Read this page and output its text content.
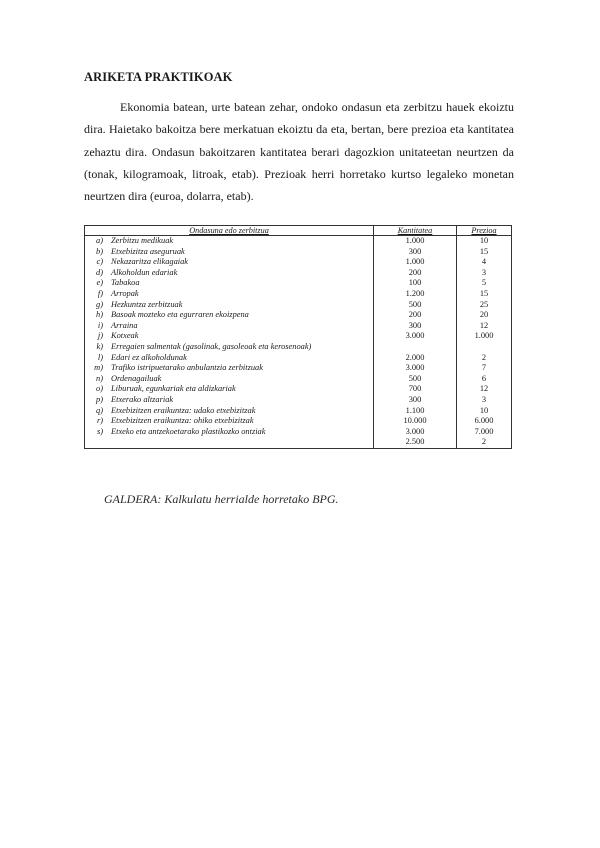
ARIKETA PRAKTIKOAK

Ekonomia batean, urte batean zehar, ondoko ondasun eta zerbitzu hauek ekoiztu dira. Haietako bakoitza bere merkatuan ekoiztu da eta, bertan, bere prezioa eta kantitatea zehaztu dira. Ondasun bakoitzaren kantitatea berari dagozkion unitateetan neurtzen da (tonak, kilogramoak, litroak, etab). Prezioak herri horretako kurtso legaleko monetan neurtzen dira (euroa, dolarra, etab).

Ondasuna edo zerbitzua		Kantitatea	Prezioa
a)	Zerbitzu medikuak	1.000	10
b)	Etxebizitza aseguruak	300	15
c)	Nekazaritza elikagaiak	1.000	4
d)	Alkoholdun edariak	200	3
e)	Tabakoa	100	5
f)	Arropak	1.200	15
g)	Hezkuntza zerbitzuak	500	25
h)	Basoak mozteko eta egurraren ekoizpena	200	20
i)	Arraina	300	12
j)	Kotxeak	3.000	1.000
k)	Erregaien salmentak (gasolinak, gasoleoak eta kerosenoak)		
l)	Edari ez alkoholdunak	2.000	2
m)	Trafiko istripuetarako anbulantzia zerbitzuak	3.000	7
n)	Ordenagailuak	500	6
o)	Liburuak, egunkariak eta aldizkariak	700	12
p)	Etxerako altzariak	300	3
q)	Etxebizitzen eraikuntza: udako etxebizitzak	1.100	10
r)	Etxebizitzen eraikuntza: ohiko etxebizitzak	10.000	6.000
s)	Etxeko eta antzekoetarako plastikozko ontziak	3.000	7.000
		2.500	2
GALDERA: Kalkulatu herrialde horretako BPG.
